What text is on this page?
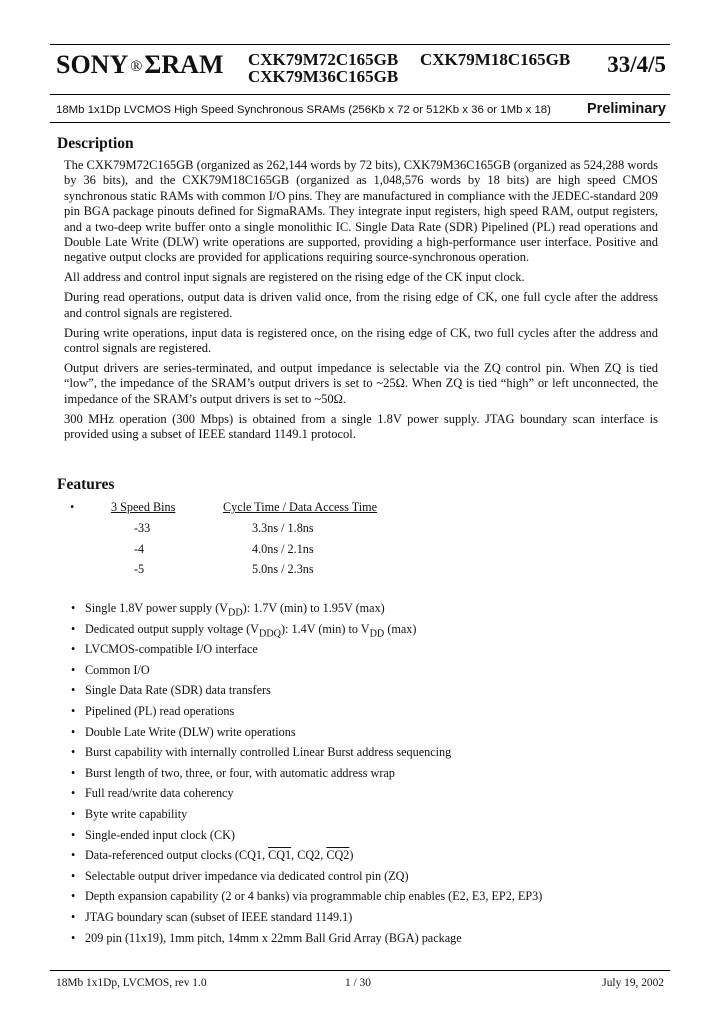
SONY ®ΣRAM CXK79M72C165GB CXK79M18C165GB
CXK79M36C165GB	33/4/5
18Mb 1x1Dp LVCMOS High Speed Synchronous SRAMs (256Kb x 72 or 512Kb x 36 or 1Mb x 18) Preliminary
Description

The CXK79M72C165GB (organized as 262,144 words by 72 bits), CXK79M36C165GB (organized as 524,288 words by 36 bits), and the CXK79M18C165GB (organized as 1,048,576 words by 18 bits) are high speed CMOS synchronous static RAMs with common I/O pins. They are manufactured in compliance with the JEDEC-standard 209 pin BGA package pinouts defined for SigmaRAMs. They integrate input registers, high speed RAM, output registers, and a two-deep write buffer onto a single monolithic IC. Single Data Rate (SDR) Pipelined (PL) read operations and Double Late Write (DLW) write operations are supported, providing a high-performance user interface. Positive and negative output clocks are provided for applications requiring source-synchronous operation.

All address and control input signals are registered on the rising edge of the CK input clock.

During read operations, output data is driven valid once, from the rising edge of CK, one full cycle after the address and control signals are registered.

During write operations, input data is registered once, on the rising edge of CK, two full cycles after the address and control signals are registered.

Output drivers are series-terminated, and output impedance is selectable via the ZQ control pin. When ZQ is tied “low”, the impedance of the SRAM’s output drivers is set to ~25Ω. When ZQ is tied “high” or left unconnected, the impedance of the SRAM’s output drivers is set to ~50Ω.

300 MHz operation (300 Mbps) is obtained from a single 1.8V power supply. JTAG boundary scan interface is provided using a subset of IEEE standard 1149.1 protocol.

Features
•	3 Speed Bins	Cycle Time / Data Access Time
-33	3.3ns / 1.8ns
-4	4.0ns / 2.1ns
-5	5.0ns / 2.3ns
• Single 1.8V power supply $(V_{DD})$: 1.7V (min) to 1.95V (max)
• Dedicated output supply voltage $(V_{DDQ})$: 1.4V (min) to $V_{DD}$ (max)
• LVCMOS-compatible I/O interface
• Common I/O
• Single Data Rate (SDR) data transfers
• Pipelined (PL) read operations
• Double Late Write (DLW) write operations
• Burst capability with internally controlled Linear Burst address sequencing
• Burst length of two, three, or four, with automatic address wrap
• Full read/write data coherency
• Byte write capability
• Single-ended input clock (CK)
• Data-referenced output clocks (CQ1, CQ1, CQ2, CQ2)
• Selectable output driver impedance via dedicated control pin (ZQ)
• Depth expansion capability (2 or 4 banks) via programmable chip enables (E2, E3, EP2, EP3)
• JTAG boundary scan (subset of IEEE standard 1149.1)
• 209 pin (11x19), 1mm pitch, 14mm x 22mm Ball Grid Array (BGA) package
18Mb 1x1Dp, LVCMOS, rev 1.0	1 / 30	July 19, 2002
